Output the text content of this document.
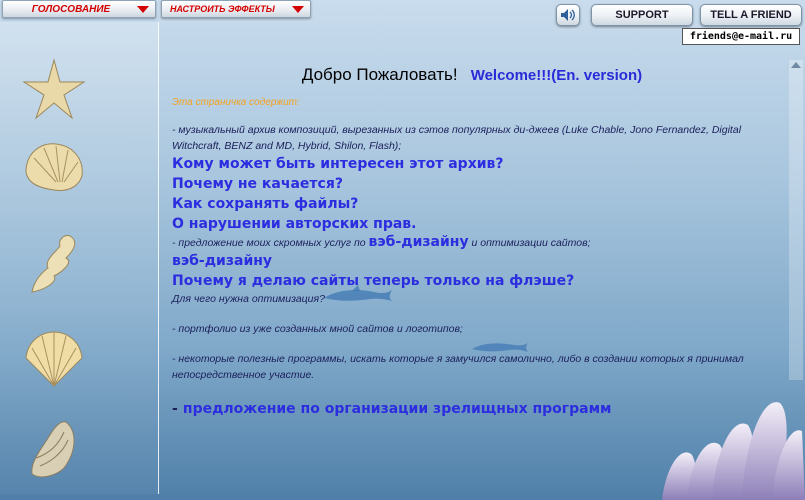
ГОЛОСОВАНИЕ	НАСТРОИТЬ ЭФФЕКТЫ	SUPPORT	TELL A FRIEND
friends@e-mail.ru

Добро Пожаловать! Welcome!!!(En. version)

Эта страничка содержит:
- музыкальный архив композиций, вырезанных из сэтов популярных ди-джеев (Luke Chable, Jono Fernandez, Digital Witchcraft, BENZ and MD, Hybrid, Shilon, Flash);
Кому может быть интересен этот архив?
Почему не качается?
Как сохранять файлы?
О нарушении авторских прав.
- предложение моих скромных услуг по вэб-дизайну и оптимизации сайтов;
вэб-дизайну
Почему я делаю сайты теперь только на флэше?
Для чего нужна оптимизация?
- портфолио из уже созданных мной сайтов и логотипов;
- некоторые полезные программы, искать которые я замучился самолично, либо в создании которых я принимал непосредственное участие.
- предложение по организации зрелищных программ
